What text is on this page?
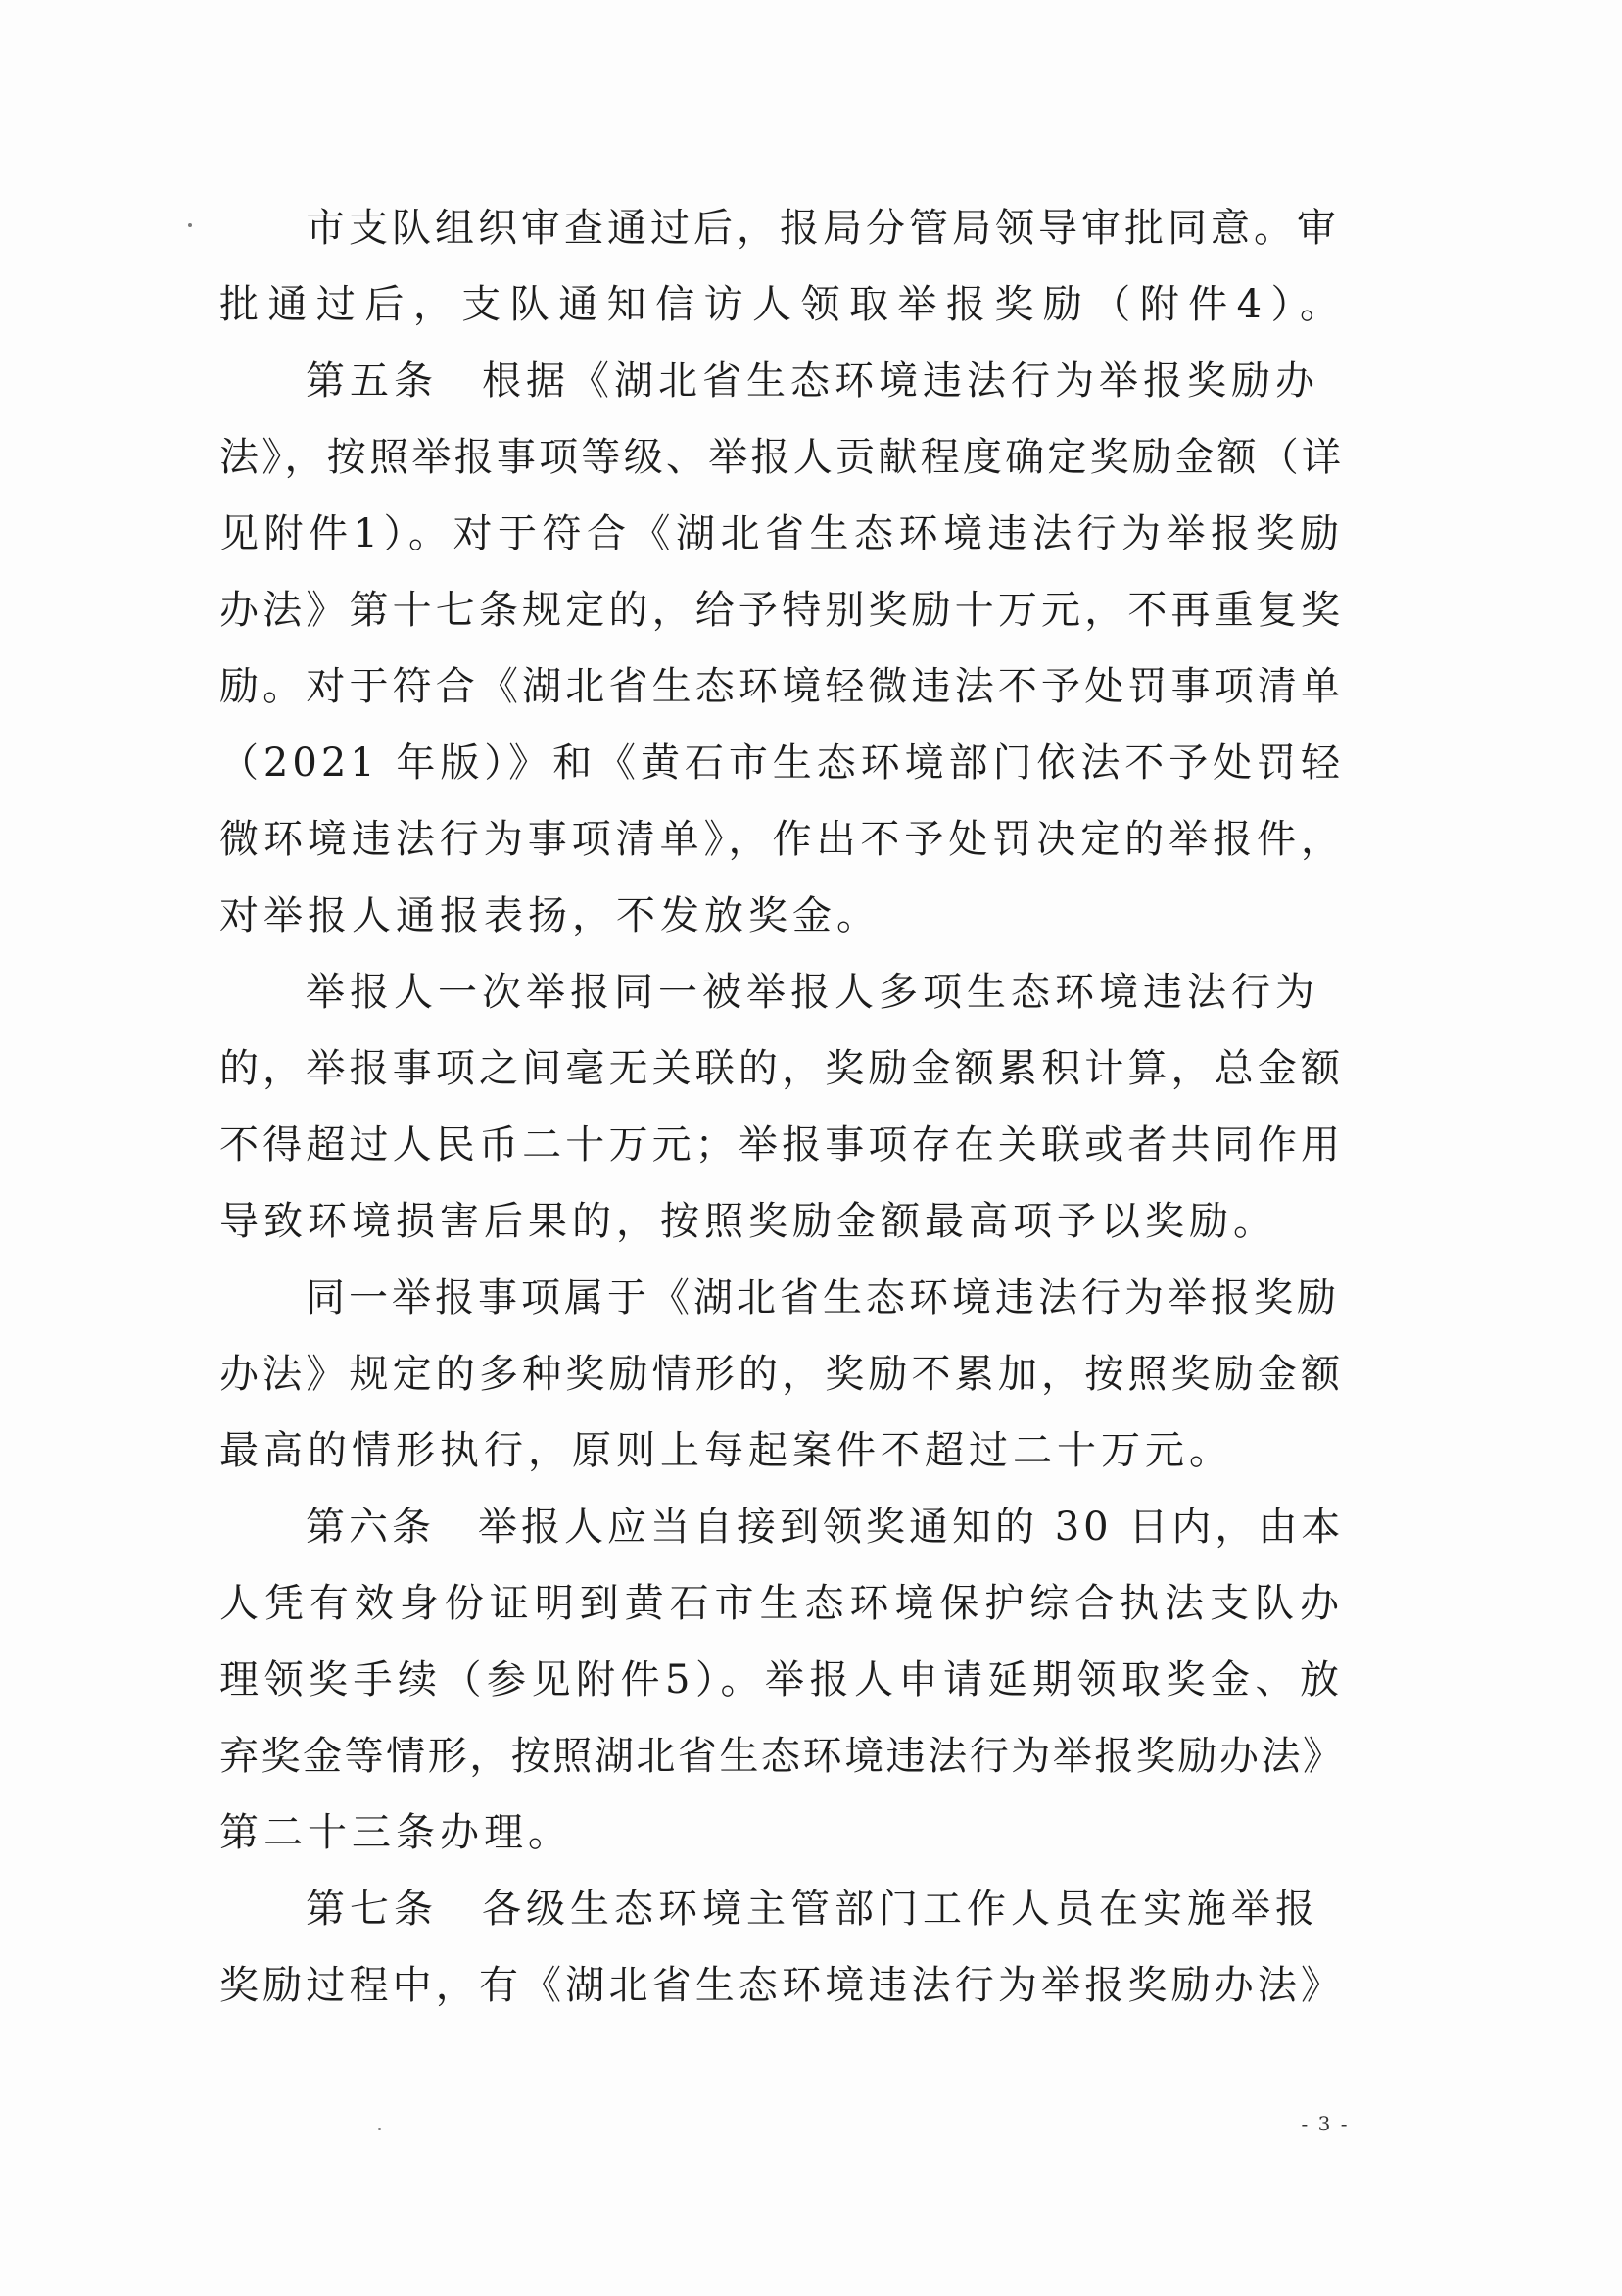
市支队组织审查通过后，报局分管局领导审批同意。审
批通过后，支队通知信访人领取举报奖励（附件4）。
第五条　根据《湖北省生态环境违法行为举报奖励办
法》，按照举报事项等级、举报人贡献程度确定奖励金额（详
见附件1）。对于符合《湖北省生态环境违法行为举报奖励
办法》第十七条规定的，给予特别奖励十万元，不再重复奖
励。对于符合《湖北省生态环境轻微违法不予处罚事项清单
（2021 年版）》和《黄石市生态环境部门依法不予处罚轻
微环境违法行为事项清单》，作出不予处罚决定的举报件，
对举报人通报表扬，不发放奖金。
举报人一次举报同一被举报人多项生态环境违法行为
的，举报事项之间毫无关联的，奖励金额累积计算，总金额
不得超过人民币二十万元；举报事项存在关联或者共同作用
导致环境损害后果的，按照奖励金额最高项予以奖励。
同一举报事项属于《湖北省生态环境违法行为举报奖励
办法》规定的多种奖励情形的，奖励不累加，按照奖励金额
最高的情形执行，原则上每起案件不超过二十万元。
第六条　举报人应当自接到领奖通知的 30 日内，由本
人凭有效身份证明到黄石市生态环境保护综合执法支队办
理领奖手续（参见附件5）。举报人申请延期领取奖金、放
弃奖金等情形，按照湖北省生态环境违法行为举报奖励办法》
第二十三条办理。
第七条　各级生态环境主管部门工作人员在实施举报
奖励过程中，有《湖北省生态环境违法行为举报奖励办法》
- 3 -
